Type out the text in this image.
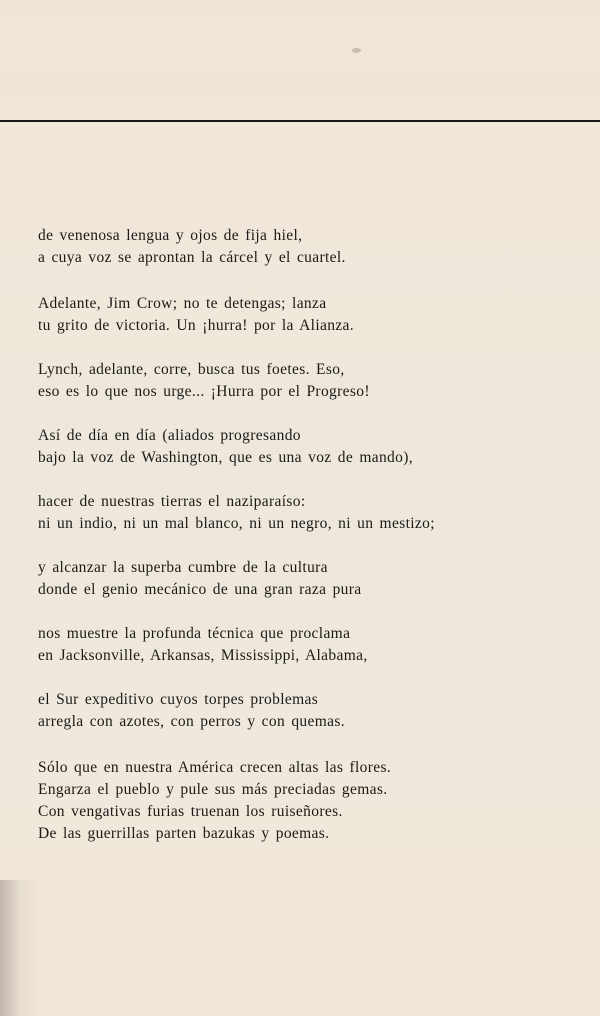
de venenosa lengua y ojos de fija hiel,
a cuya voz se aprontan la cárcel y el cuartel.
Adelante, Jim Crow; no te detengas; lanza
tu grito de victoria. Un ¡hurra! por la Alianza.
Lynch, adelante, corre, busca tus foetes. Eso,
eso es lo que nos urge... ¡Hurra por el Progreso!
Así de día en día (aliados progresando
bajo la voz de Washington, que es una voz de mando),
hacer de nuestras tierras el naziparaíso:
ni un indio, ni un mal blanco, ni un negro, ni un mestizo;
y alcanzar la superba cumbre de la cultura
donde el genio mecánico de una gran raza pura
nos muestre la profunda técnica que proclama
en Jacksonville, Arkansas, Mississippi, Alabama,
el Sur expeditivo cuyos torpes problemas
arregla con azotes, con perros y con quemas.
Sólo que en nuestra América crecen altas las flores.
Engarza el pueblo y pule sus más preciadas gemas.
Con vengativas furias truenan los ruiseñores.
De las guerrillas parten bazukas y poemas.
